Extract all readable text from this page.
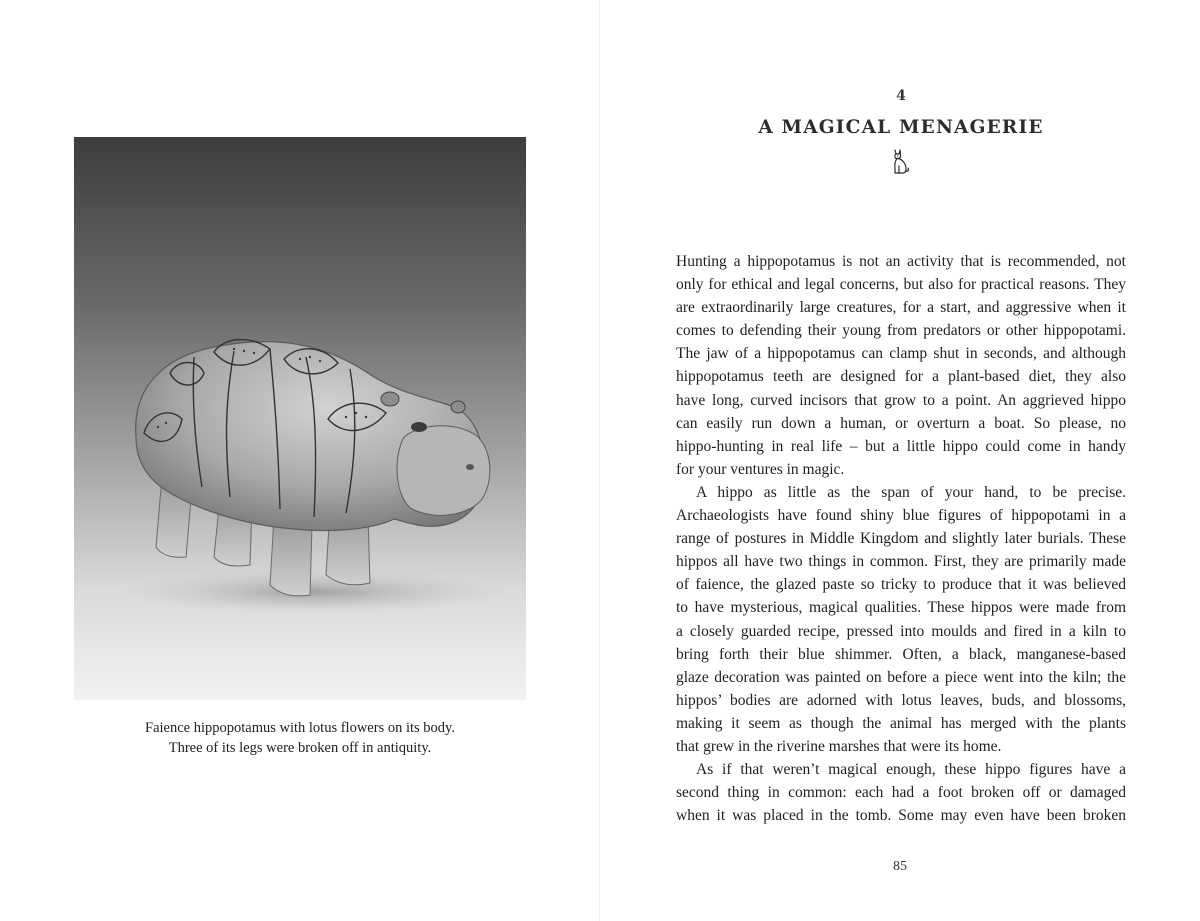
Faience hippopotamus with lotus flowers on its body.
Three of its legs were broken off in antiquity.
4
A MAGICAL MENAGERIE
Hunting a hippopotamus is not an activity that is recommended, not
only for ethical and legal concerns, but also for practical reasons. They
are extraordinarily large creatures, for a start, and aggressive when it
comes to defending their young from predators or other hippopotami.
The jaw of a hippopotamus can clamp shut in seconds, and although
hippopotamus teeth are designed for a plant-based diet, they also
have long, curved incisors that grow to a point. An aggrieved hippo
can easily run down a human, or overturn a boat. So please, no
hippo-hunting in real life – but a little hippo could come in handy
for your ventures in magic.
A hippo as little as the span of your hand, to be precise.
Archaeologists have found shiny blue figures of hippopotami in a
range of postures in Middle Kingdom and slightly later burials. These
hippos all have two things in common. First, they are primarily made
of faience, the glazed paste so tricky to produce that it was believed
to have mysterious, magical qualities. These hippos were made from
a closely guarded recipe, pressed into moulds and fired in a kiln to
bring forth their blue shimmer. Often, a black, manganese-based
glaze decoration was painted on before a piece went into the kiln; the
hippos’ bodies are adorned with lotus leaves, buds, and blossoms,
making it seem as though the animal has merged with the plants
that grew in the riverine marshes that were its home.
As if that weren’t magical enough, these hippo figures have a
second thing in common: each had a foot broken off or damaged
when it was placed in the tomb. Some may even have been broken
85
